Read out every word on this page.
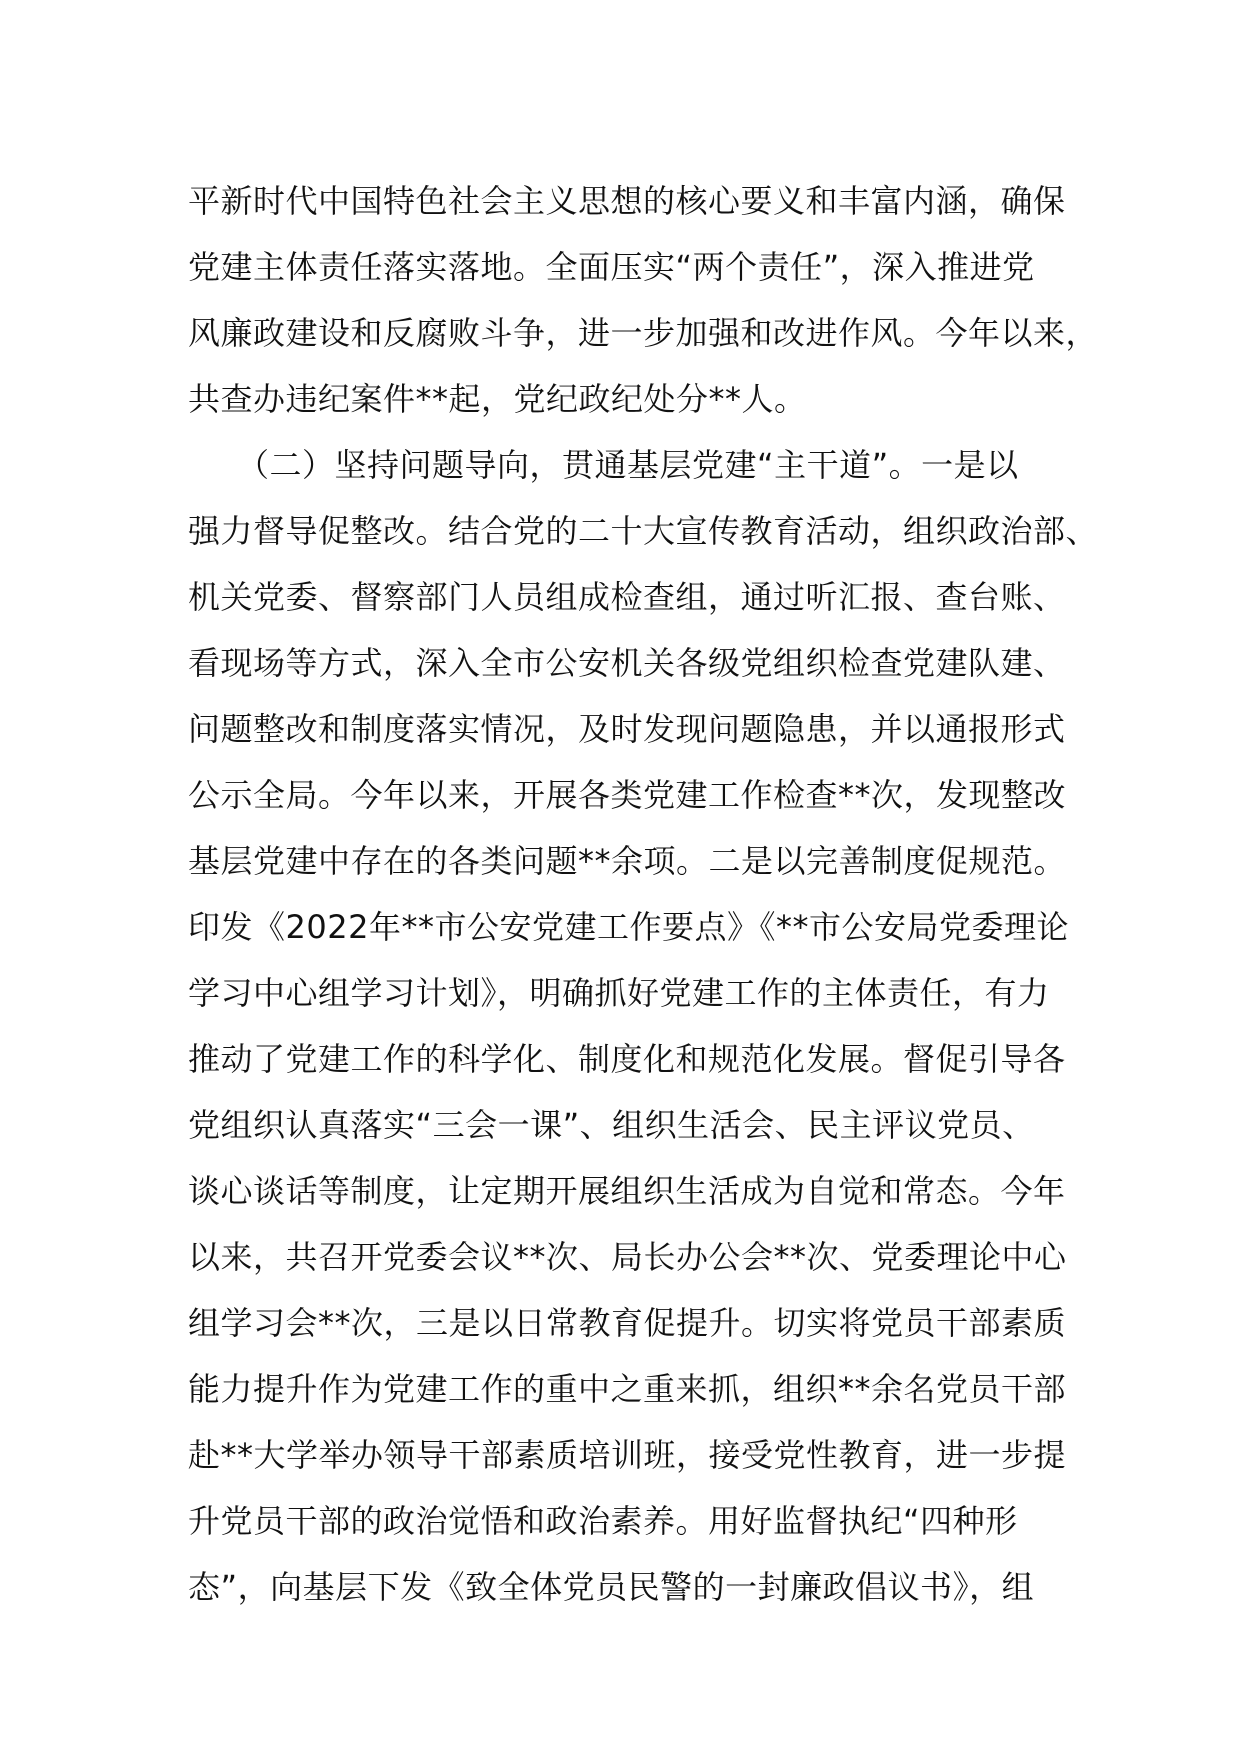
平新时代中国特色社会主义思想的核心要义和丰富内涵，确保
党建主体责任落实落地。全面压实“两个责任”，深入推进党
风廉政建设和反腐败斗争，进一步加强和改进作风。今年以来，
共查办违纪案件**起，党纪政纪处分**人。
　　（二）坚持问题导向，贯通基层党建“主干道”。一是以
强力督导促整改。结合党的二十大宣传教育活动，组织政治部、
机关党委、督察部门人员组成检查组，通过听汇报、查台账、
看现场等方式，深入全市公安机关各级党组织检查党建队建、
问题整改和制度落实情况，及时发现问题隐患，并以通报形式
公示全局。今年以来，开展各类党建工作检查**次，发现整改
基层党建中存在的各类问题**余项。二是以完善制度促规范。
印发《2022年**市公安党建工作要点》《**市公安局党委理论
学习中心组学习计划》，明确抓好党建工作的主体责任，有力
推动了党建工作的科学化、制度化和规范化发展。督促引导各
党组织认真落实“三会一课”、组织生活会、民主评议党员、
谈心谈话等制度，让定期开展组织生活成为自觉和常态。今年
以来，共召开党委会议**次、局长办公会**次、党委理论中心
组学习会**次，三是以日常教育促提升。切实将党员干部素质
能力提升作为党建工作的重中之重来抓，组织**余名党员干部
赴**大学举办领导干部素质培训班，接受党性教育，进一步提
升党员干部的政治觉悟和政治素养。用好监督执纪“四种形
态”，向基层下发《致全体党员民警的一封廉政倡议书》，组
